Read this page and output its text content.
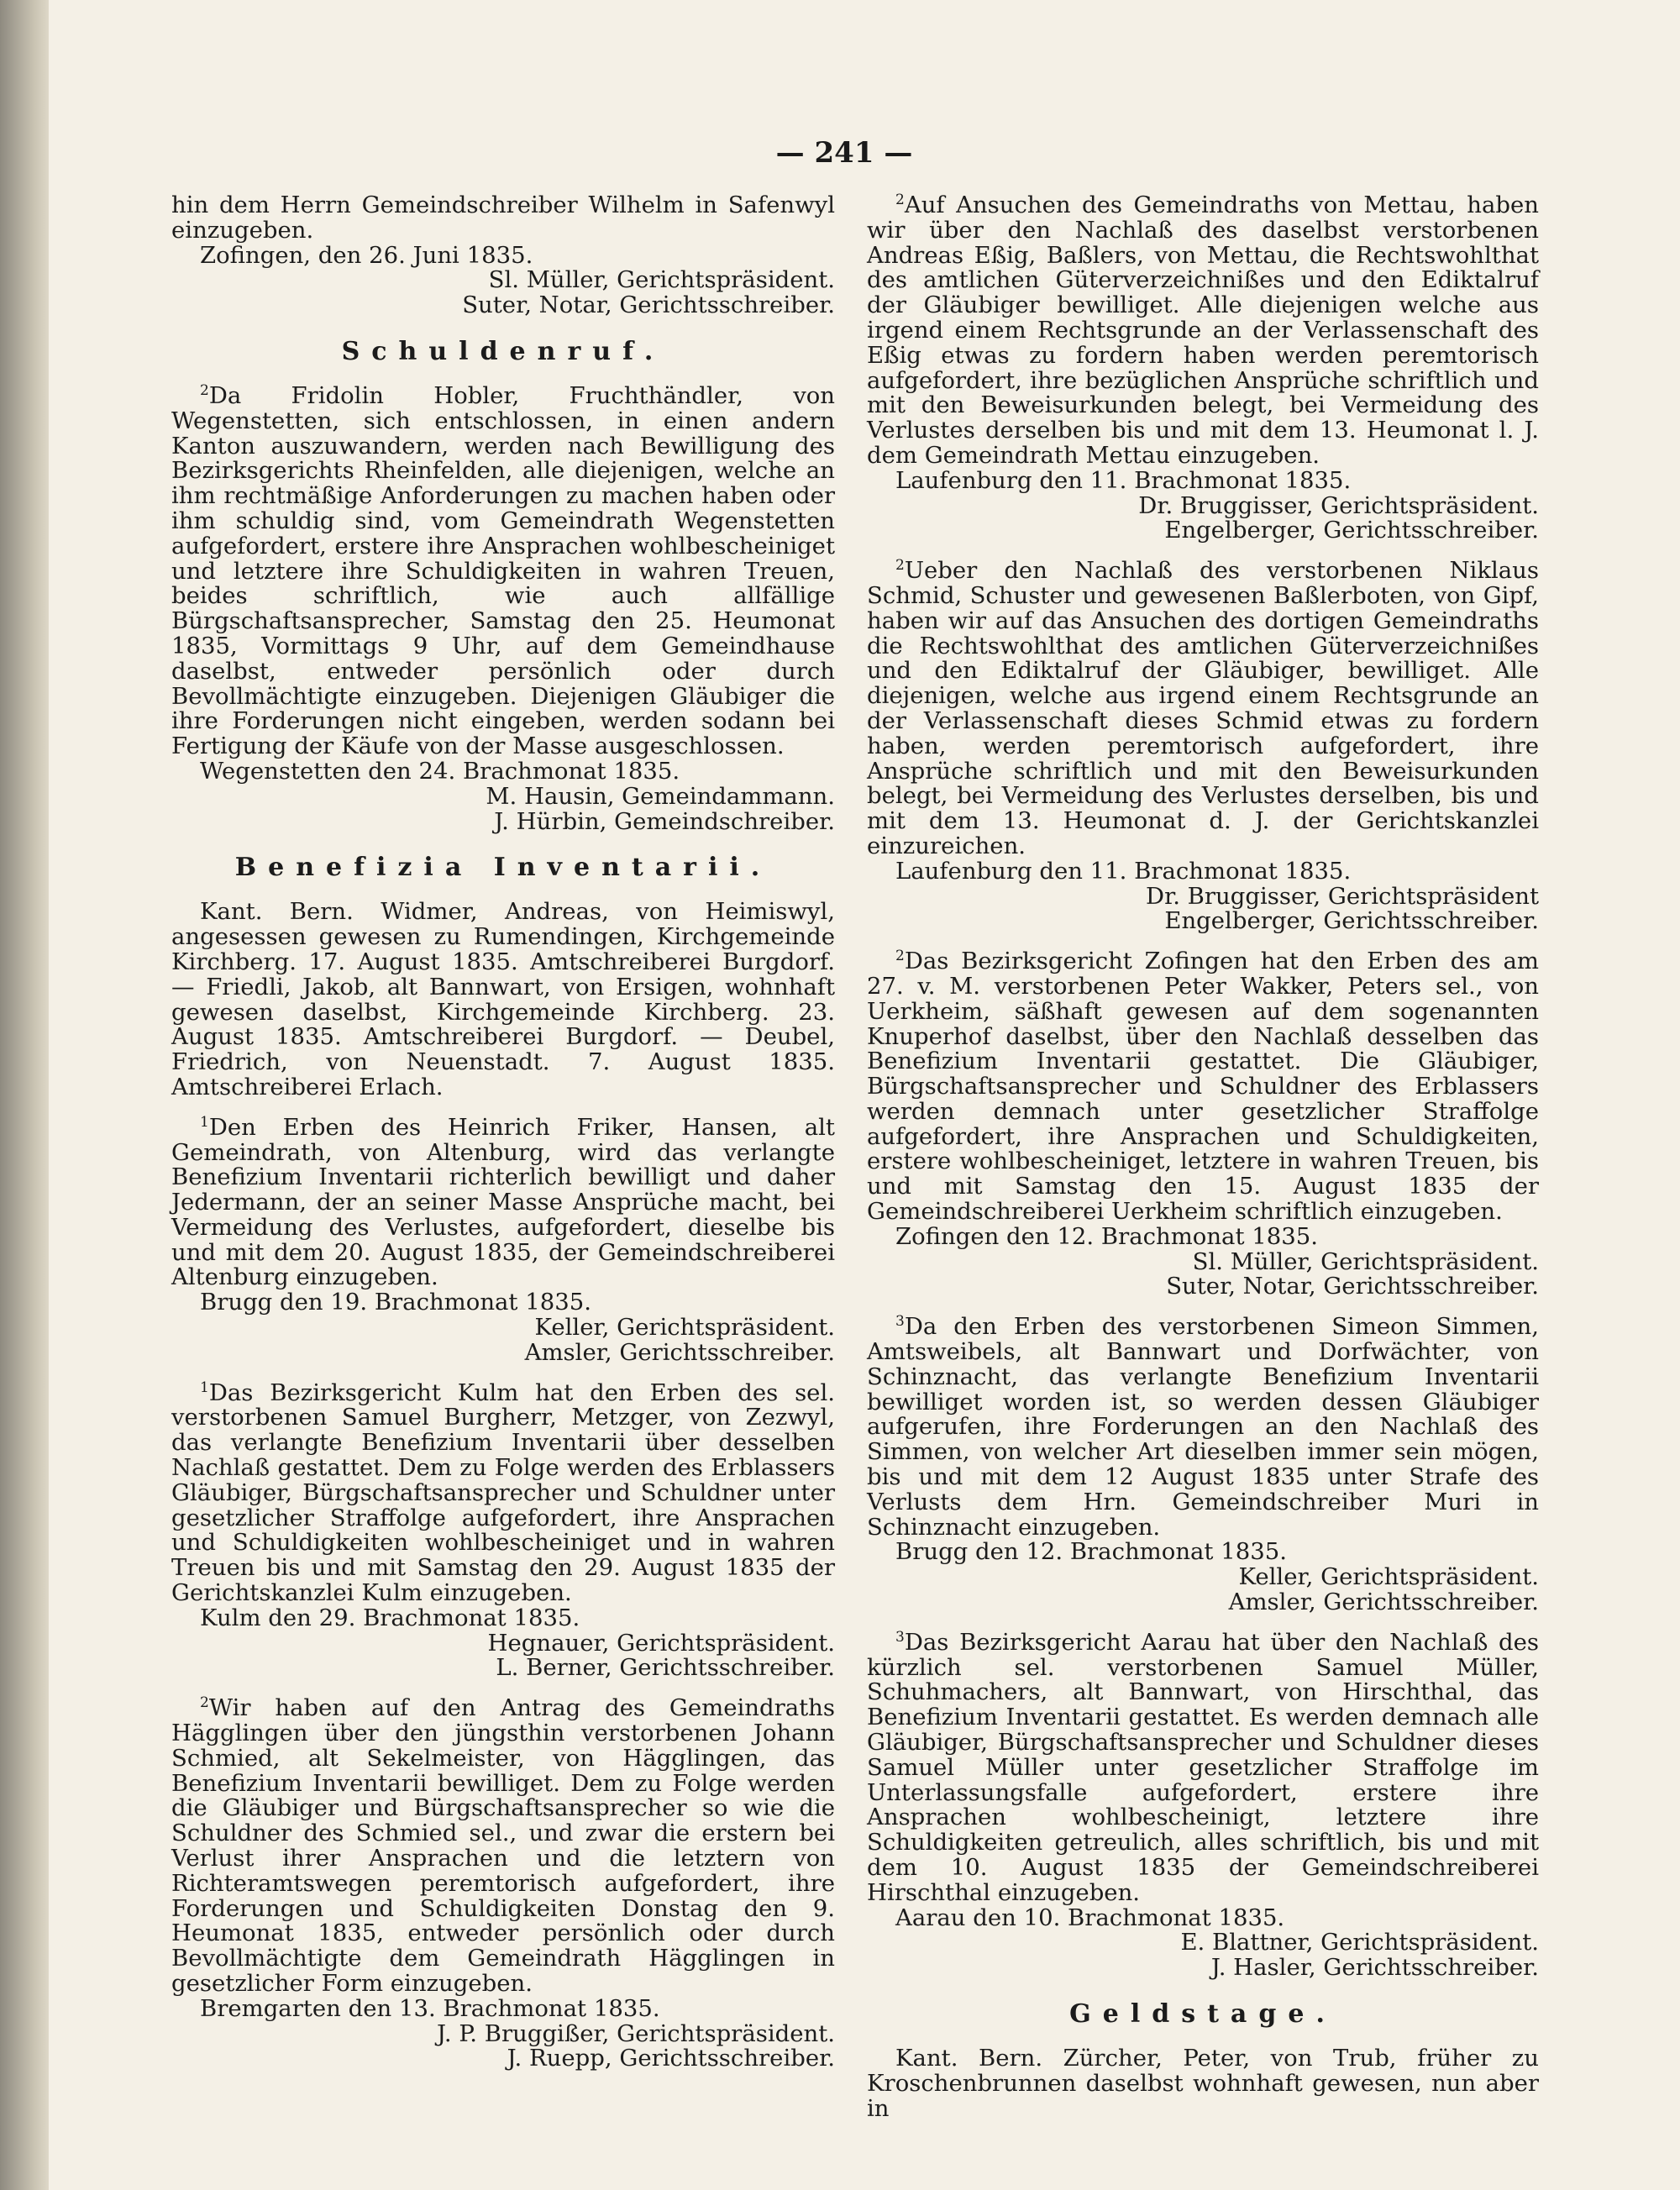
— 241 —

hin dem Herrn Gemeindschreiber Wilhelm in Safenwyl einzugeben.

Zofingen, den 26. Juni 1835.

Sl. Müller, Gerichtspräsident.

Suter, Notar, Gerichtsschreiber.

Schuldenruf.

$^2$Da Fridolin Hobler, Fruchthändler, von Wegenstetten, sich entschlossen, in einen andern Kanton auszuwandern, werden nach Bewilligung des Bezirksgerichts Rheinfelden, alle diejenigen, welche an ihm rechtmäßige Anforderungen zu machen haben oder ihm schuldig sind, vom Gemeindrath Wegenstetten aufgefordert, erstere ihre Ansprachen wohlbescheiniget und letztere ihre Schuldigkeiten in wahren Treuen, beides schriftlich, wie auch allfällige Bürgschaftsansprecher, Samstag den 25. Heumonat 1835, Vormittags 9 Uhr, auf dem Gemeindhause daselbst, entweder persönlich oder durch Bevollmächtigte einzugeben. Diejenigen Gläubiger die ihre Forderungen nicht eingeben, werden sodann bei Fertigung der Käufe von der Masse ausgeschlossen.

Wegenstetten den 24. Brachmonat 1835.

M. Hausin, Gemeindammann.

J. Hürbin, Gemeindschreiber.

Benefizia Inventarii.

Kant. Bern. Widmer, Andreas, von Heimiswyl, angesessen gewesen zu Rumendingen, Kirchgemeinde Kirchberg. 17. August 1835. Amtschreiberei Burgdorf. — Friedli, Jakob, alt Bannwart, von Ersigen, wohnhaft gewesen daselbst, Kirchgemeinde Kirchberg. 23. August 1835. Amtschreiberei Burgdorf. — Deubel, Friedrich, von Neuenstadt. 7. August 1835. Amtschreiberei Erlach.

$^1$Den Erben des Heinrich Friker, Hansen, alt Gemeindrath, von Altenburg, wird das verlangte Benefizium Inventarii richterlich bewilligt und daher Jedermann, der an seiner Masse Ansprüche macht, bei Vermeidung des Verlustes, aufgefordert, dieselbe bis und mit dem 20. August 1835, der Gemeindschreiberei Altenburg einzugeben.

Brugg den 19. Brachmonat 1835.

Keller, Gerichtspräsident.

Amsler, Gerichtsschreiber.

$^1$Das Bezirksgericht Kulm hat den Erben des sel. verstorbenen Samuel Burgherr, Metzger, von Zezwyl, das verlangte Benefizium Inventarii über desselben Nachlaß gestattet. Dem zu Folge werden des Erblassers Gläubiger, Bürgschaftsansprecher und Schuldner unter gesetzlicher Straffolge aufgefordert, ihre Ansprachen und Schuldigkeiten wohlbescheiniget und in wahren Treuen bis und mit Samstag den 29. August 1835 der Gerichtskanzlei Kulm einzugeben.

Kulm den 29. Brachmonat 1835.

Hegnauer, Gerichtspräsident.

L. Berner, Gerichtsschreiber.

$^2$Wir haben auf den Antrag des Gemeindraths Hägglingen über den jüngsthin verstorbenen Johann Schmied, alt Sekelmeister, von Hägglingen, das Benefizium Inventarii bewilliget. Dem zu Folge werden die Gläubiger und Bürgschaftsansprecher so wie die Schuldner des Schmied sel., und zwar die erstern bei Verlust ihrer Ansprachen und die letztern von Richteramtswegen peremtorisch aufgefordert, ihre Forderungen und Schuldigkeiten Donstag den 9. Heumonat 1835, entweder persönlich oder durch Bevollmächtigte dem Gemeindrath Hägglingen in gesetzlicher Form einzugeben.

Bremgarten den 13. Brachmonat 1835.

J. P. Bruggißer, Gerichtspräsident.

J. Ruepp, Gerichtsschreiber.

$^2$Auf Ansuchen des Gemeindraths von Mettau, haben wir über den Nachlaß des daselbst verstorbenen Andreas Eßig, Baßlers, von Mettau, die Rechtswohlthat des amtlichen Güterverzeichnißes und den Ediktalruf der Gläubiger bewilliget. Alle diejenigen welche aus irgend einem Rechtsgrunde an der Verlassenschaft des Eßig etwas zu fordern haben werden peremtorisch aufgefordert, ihre bezüglichen Ansprüche schriftlich und mit den Beweisurkunden belegt, bei Vermeidung des Verlustes derselben bis und mit dem 13. Heumonat l. J. dem Gemeindrath Mettau einzugeben.

Laufenburg den 11. Brachmonat 1835.

Dr. Bruggisser, Gerichtspräsident.

Engelberger, Gerichtsschreiber.

$^2$Ueber den Nachlaß des verstorbenen Niklaus Schmid, Schuster und gewesenen Baßlerboten, von Gipf, haben wir auf das Ansuchen des dortigen Gemeindraths die Rechtswohlthat des amtlichen Güterverzeichnißes und den Ediktalruf der Gläubiger, bewilliget. Alle diejenigen, welche aus irgend einem Rechtsgrunde an der Verlassenschaft dieses Schmid etwas zu fordern haben, werden peremtorisch aufgefordert, ihre Ansprüche schriftlich und mit den Beweisurkunden belegt, bei Vermeidung des Verlustes derselben, bis und mit dem 13. Heumonat d. J. der Gerichtskanzlei einzureichen.

Laufenburg den 11. Brachmonat 1835.

Dr. Bruggisser, Gerichtspräsident

Engelberger, Gerichtsschreiber.

$^2$Das Bezirksgericht Zofingen hat den Erben des am 27. v. M. verstorbenen Peter Wakker, Peters sel., von Uerkheim, säßhaft gewesen auf dem sogenannten Knuperhof daselbst, über den Nachlaß desselben das Benefizium Inventarii gestattet. Die Gläubiger, Bürgschaftsansprecher und Schuldner des Erblassers werden demnach unter gesetzlicher Straffolge aufgefordert, ihre Ansprachen und Schuldigkeiten, erstere wohlbescheiniget, letztere in wahren Treuen, bis und mit Samstag den 15. August 1835 der Gemeindschreiberei Uerkheim schriftlich einzugeben.

Zofingen den 12. Brachmonat 1835.

Sl. Müller, Gerichtspräsident.

Suter, Notar, Gerichtsschreiber.

$^3$Da den Erben des verstorbenen Simeon Simmen, Amtsweibels, alt Bannwart und Dorfwächter, von Schinznacht, das verlangte Benefizium Inventarii bewilliget worden ist, so werden dessen Gläubiger aufgerufen, ihre Forderungen an den Nachlaß des Simmen, von welcher Art dieselben immer sein mögen, bis und mit dem 12 August 1835 unter Strafe des Verlusts dem Hrn. Gemeindschreiber Muri in Schinznacht einzugeben.

Brugg den 12. Brachmonat 1835.

Keller, Gerichtspräsident.

Amsler, Gerichtsschreiber.

$^3$Das Bezirksgericht Aarau hat über den Nachlaß des kürzlich sel. verstorbenen Samuel Müller, Schuhmachers, alt Bannwart, von Hirschthal, das Benefizium Inventarii gestattet. Es werden demnach alle Gläubiger, Bürgschaftsansprecher und Schuldner dieses Samuel Müller unter gesetzlicher Straffolge im Unterlassungsfalle aufgefordert, erstere ihre Ansprachen wohlbescheinigt, letztere ihre Schuldigkeiten getreulich, alles schriftlich, bis und mit dem 10. August 1835 der Gemeindschreiberei Hirschthal einzugeben.

Aarau den 10. Brachmonat 1835.

E. Blattner, Gerichtspräsident.

J. Hasler, Gerichtsschreiber.

Geldstage.

Kant. Bern. Zürcher, Peter, von Trub, früher zu Kroschenbrunnen daselbst wohnhaft gewesen, nun aber in
